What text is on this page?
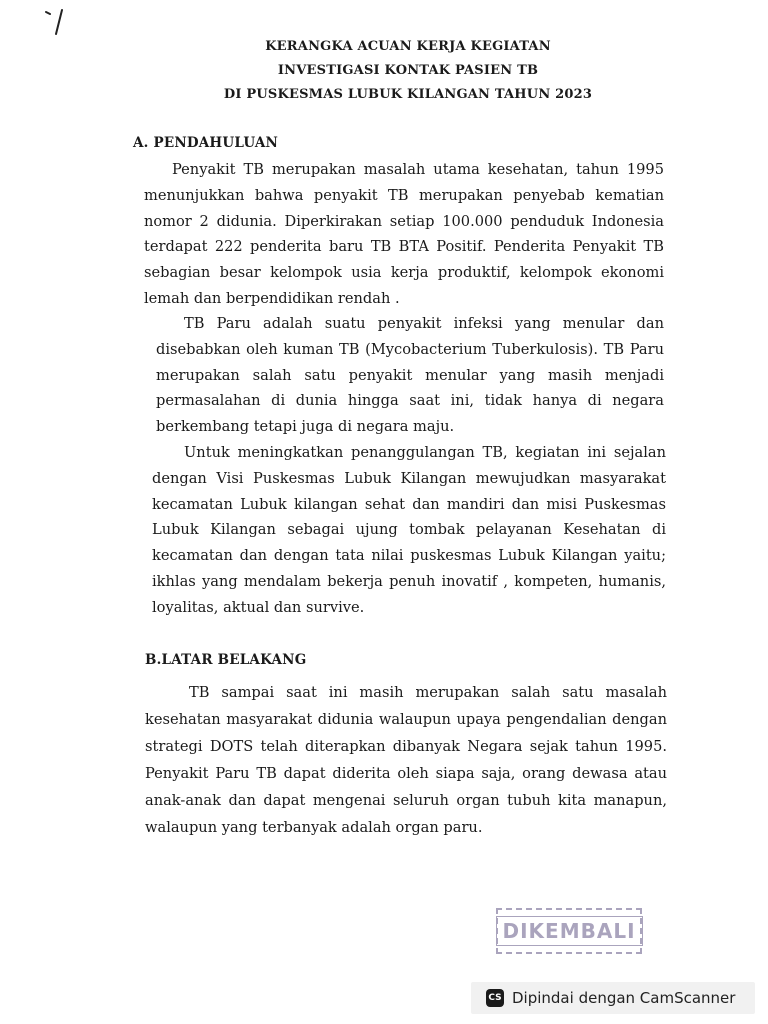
KERANGKA ACUAN KERJA KEGIATAN
INVESTIGASI KONTAK PASIEN TB
DI PUSKESMAS LUBUK KILANGAN TAHUN 2023
A. PENDAHULUAN
Penyakit TB merupakan masalah utama kesehatan, tahun 1995 menunjukkan bahwa penyakit TB merupakan penyebab kematian nomor 2 didunia. Diperkirakan setiap 100.000 penduduk Indonesia terdapat 222 penderita baru TB BTA Positif. Penderita Penyakit TB sebagian besar kelompok usia kerja produktif, kelompok ekonomi lemah dan berpendidikan rendah .
TB Paru adalah suatu penyakit infeksi yang menular dan disebabkan oleh kuman TB (Mycobacterium Tuberkulosis). TB Paru merupakan salah satu penyakit menular yang masih menjadi permasalahan di dunia hingga saat ini, tidak hanya di negara berkembang tetapi juga di negara maju.
Untuk meningkatkan penanggulangan TB, kegiatan ini sejalan dengan Visi Puskesmas Lubuk Kilangan mewujudkan masyarakat kecamatan Lubuk kilangan sehat dan mandiri dan misi Puskesmas Lubuk Kilangan sebagai ujung tombak pelayanan Kesehatan di kecamatan dan dengan tata nilai puskesmas Lubuk Kilangan yaitu; ikhlas yang mendalam bekerja penuh inovatif , kompeten, humanis, loyalitas, aktual dan survive.
B.LATAR BELAKANG
TB sampai saat ini masih merupakan salah satu masalah kesehatan masyarakat didunia walaupun upaya pengendalian dengan strategi DOTS telah diterapkan dibanyak Negara sejak tahun 1995. Penyakit Paru TB dapat diderita oleh siapa saja, orang dewasa atau anak-anak dan dapat mengenai seluruh organ tubuh kita manapun, walaupun yang terbanyak adalah organ paru.
DIKEMBALI
CS Dipindai dengan CamScanner
